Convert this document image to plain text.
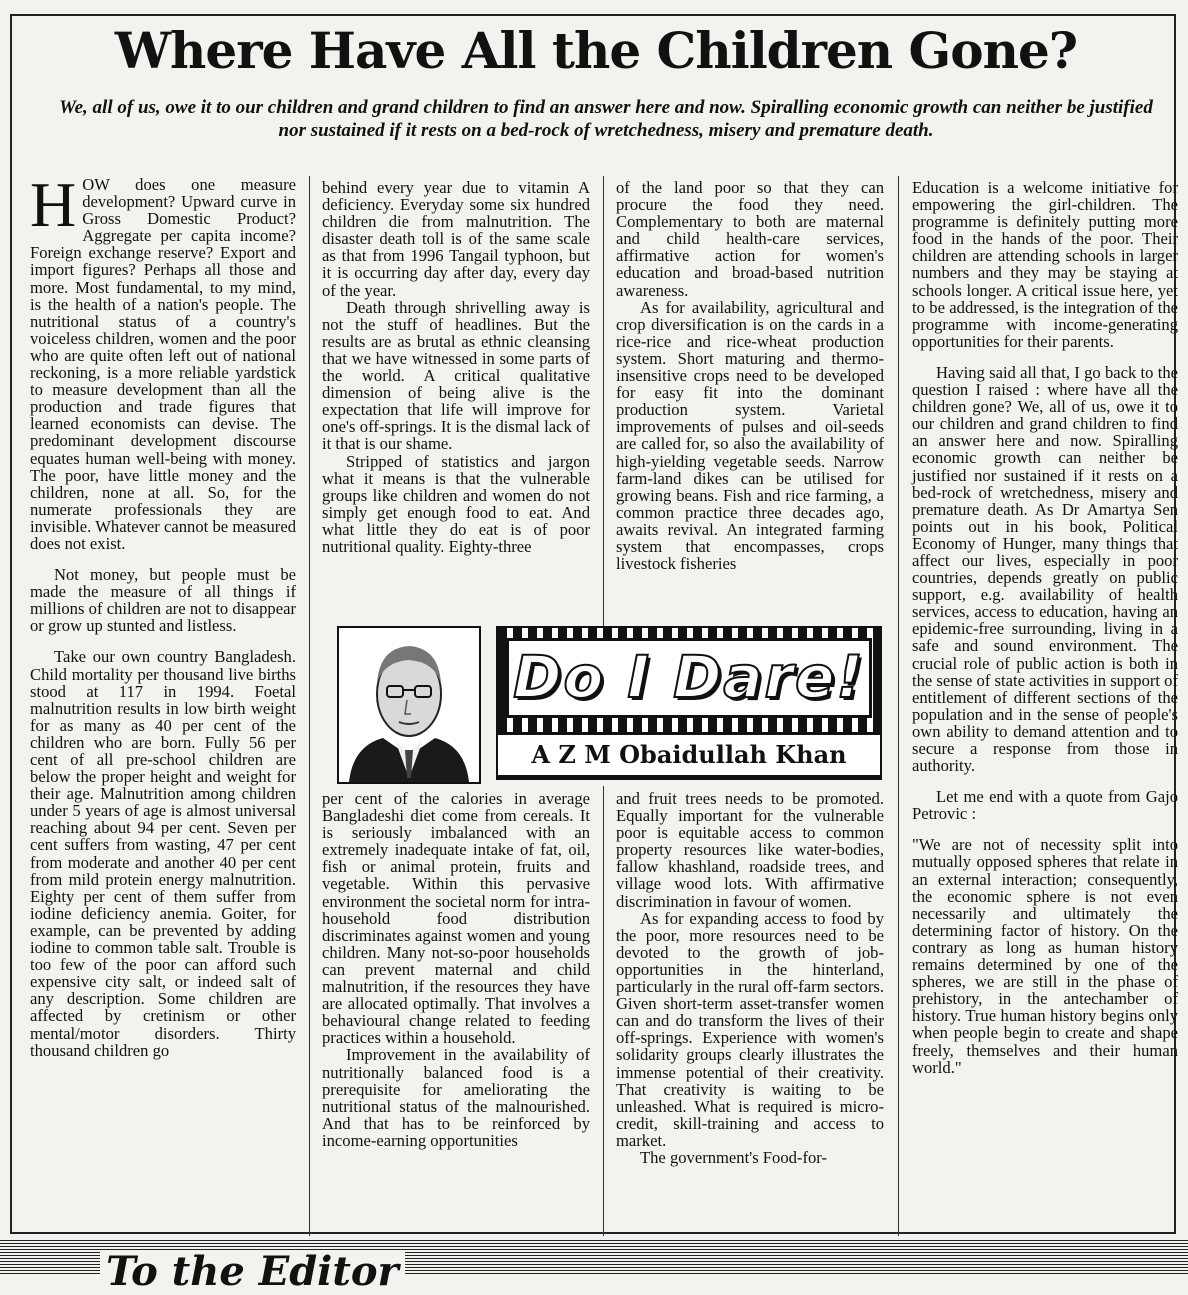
Where Have All the Children Gone?

We, all of us, owe it to our children and grand children to find an answer here and now. Spiralling economic growth can neither be justified nor sustained if it rests on a bed-rock of wretchedness, misery and premature death.

HOW does one measure development? Upward curve in Gross Domestic Product? Aggregate per capita income? Foreign exchange reserve? Export and import figures? Perhaps all those and more. Most fundamental, to my mind, is the health of a nation's people. The nutritional status of a country's voiceless children, women and the poor who are quite often left out of national reckoning, is a more reliable yardstick to measure development than all the production and trade figures that learned economists can devise. The predominant development discourse equates human well-being with money. The poor, have little money and the children, none at all. So, for the numerate professionals they are invisible. Whatever cannot be measured does not exist.

Not money, but people must be made the measure of all things if millions of children are not to disappear or grow up stunted and listless.

Take our own country Bangladesh. Child mortality per thousand live births stood at 117 in 1994. Foetal malnutrition results in low birth weight for as many as 40 per cent of the children who are born. Fully 56 per cent of all pre-school children are below the proper height and weight for their age. Malnutrition among children under 5 years of age is almost universal reaching about 94 per cent. Seven per cent suffers from wasting, 47 per cent from moderate and another 40 per cent from mild protein energy malnutrition. Eighty per cent of them suffer from iodine deficiency anemia. Goiter, for example, can be prevented by adding iodine to common table salt. Trouble is too few of the poor can afford such expensive city salt, or indeed salt of any description. Some children are affected by cretinism or other mental/motor disorders. Thirty thousand children go

behind every year due to vitamin A deficiency. Everyday some six hundred children die from malnutrition. The disaster death toll is of the same scale as that from 1996 Tangail typhoon, but it is occurring day after day, every day of the year.

Death through shrivelling away is not the stuff of headlines. But the results are as brutal as ethnic cleansing that we have witnessed in some parts of the world. A critical qualitative dimension of being alive is the expectation that life will improve for one's off-springs. It is the dismal lack of it that is our shame.

Stripped of statistics and jargon what it means is that the vulnerable groups like children and women do not simply get enough food to eat. And what little they do eat is of poor nutritional quality. Eighty-three

of the land poor so that they can procure the food they need. Complementary to both are maternal and child health-care services, affirmative action for women's education and broad-based nutrition awareness.

As for availability, agricultural and crop diversification is on the cards in a rice-rice and rice-wheat production system. Short maturing and thermo-insensitive crops need to be developed for easy fit into the dominant production system. Varietal improvements of pulses and oil-seeds are called for, so also the availability of high-yielding vegetable seeds. Narrow farm-land dikes can be utilised for growing beans. Fish and rice farming, a common practice three decades ago, awaits revival. An integrated farming system that encompasses, crops livestock fisheries

Do I Dare!
A Z M Obaidullah Khan

per cent of the calories in average Bangladeshi diet come from cereals. It is seriously imbalanced with an extremely inadequate intake of fat, oil, fish or animal protein, fruits and vegetable. Within this pervasive environment the societal norm for intra-household food distribution discriminates against women and young children. Many not-so-poor households can prevent maternal and child malnutrition, if the resources they have are allocated optimally. That involves a behavioural change related to feeding practices within a household.

Improvement in the availability of nutritionally balanced food is a prerequisite for ameliorating the nutritional status of the malnourished. And that has to be reinforced by income-earning opportunities

and fruit trees needs to be promoted. Equally important for the vulnerable poor is equitable access to common property resources like water-bodies, fallow khashland, roadside trees, and village wood lots. With affirmative discrimination in favour of women.

As for expanding access to food by the poor, more resources need to be devoted to the growth of job-opportunities in the hinterland, particularly in the rural off-farm sectors. Given short-term asset-transfer women can and do transform the lives of their off-springs. Experience with women's solidarity groups clearly illustrates the immense potential of their creativity. That creativity is waiting to be unleashed. What is required is micro-credit, skill-training and access to market.

The government's Food-for-

Education is a welcome initiative for empowering the girl-children. The programme is definitely putting more food in the hands of the poor. Their children are attending schools in larger numbers and they may be staying at schools longer. A critical issue here, yet to be addressed, is the integration of the programme with income-generating opportunities for their parents.

Having said all that, I go back to the question I raised : where have all the children gone? We, all of us, owe it to our children and grand children to find an answer here and now. Spiralling economic growth can neither be justified nor sustained if it rests on a bed-rock of wretchedness, misery and premature death. As Dr Amartya Sen points out in his book, Political Economy of Hunger, many things that affect our lives, especially in poor countries, depends greatly on public support, e.g. availability of health services, access to education, having an epidemic-free surrounding, living in a safe and sound environment. The crucial role of public action is both in the sense of state activities in support of entitlement of different sections of the population and in the sense of people's own ability to demand attention and to secure a response from those in authority.

Let me end with a quote from Gajo Petrovic :

"We are not of necessity split into mutually opposed spheres that relate in an external interaction; consequently, the economic sphere is not even necessarily and ultimately the determining factor of history. On the contrary as long as human history remains determined by one of the spheres, we are still in the phase of prehistory, in the antechamber of history. True human history begins only when people begin to create and shape freely, themselves and their human world."

To the Editor
